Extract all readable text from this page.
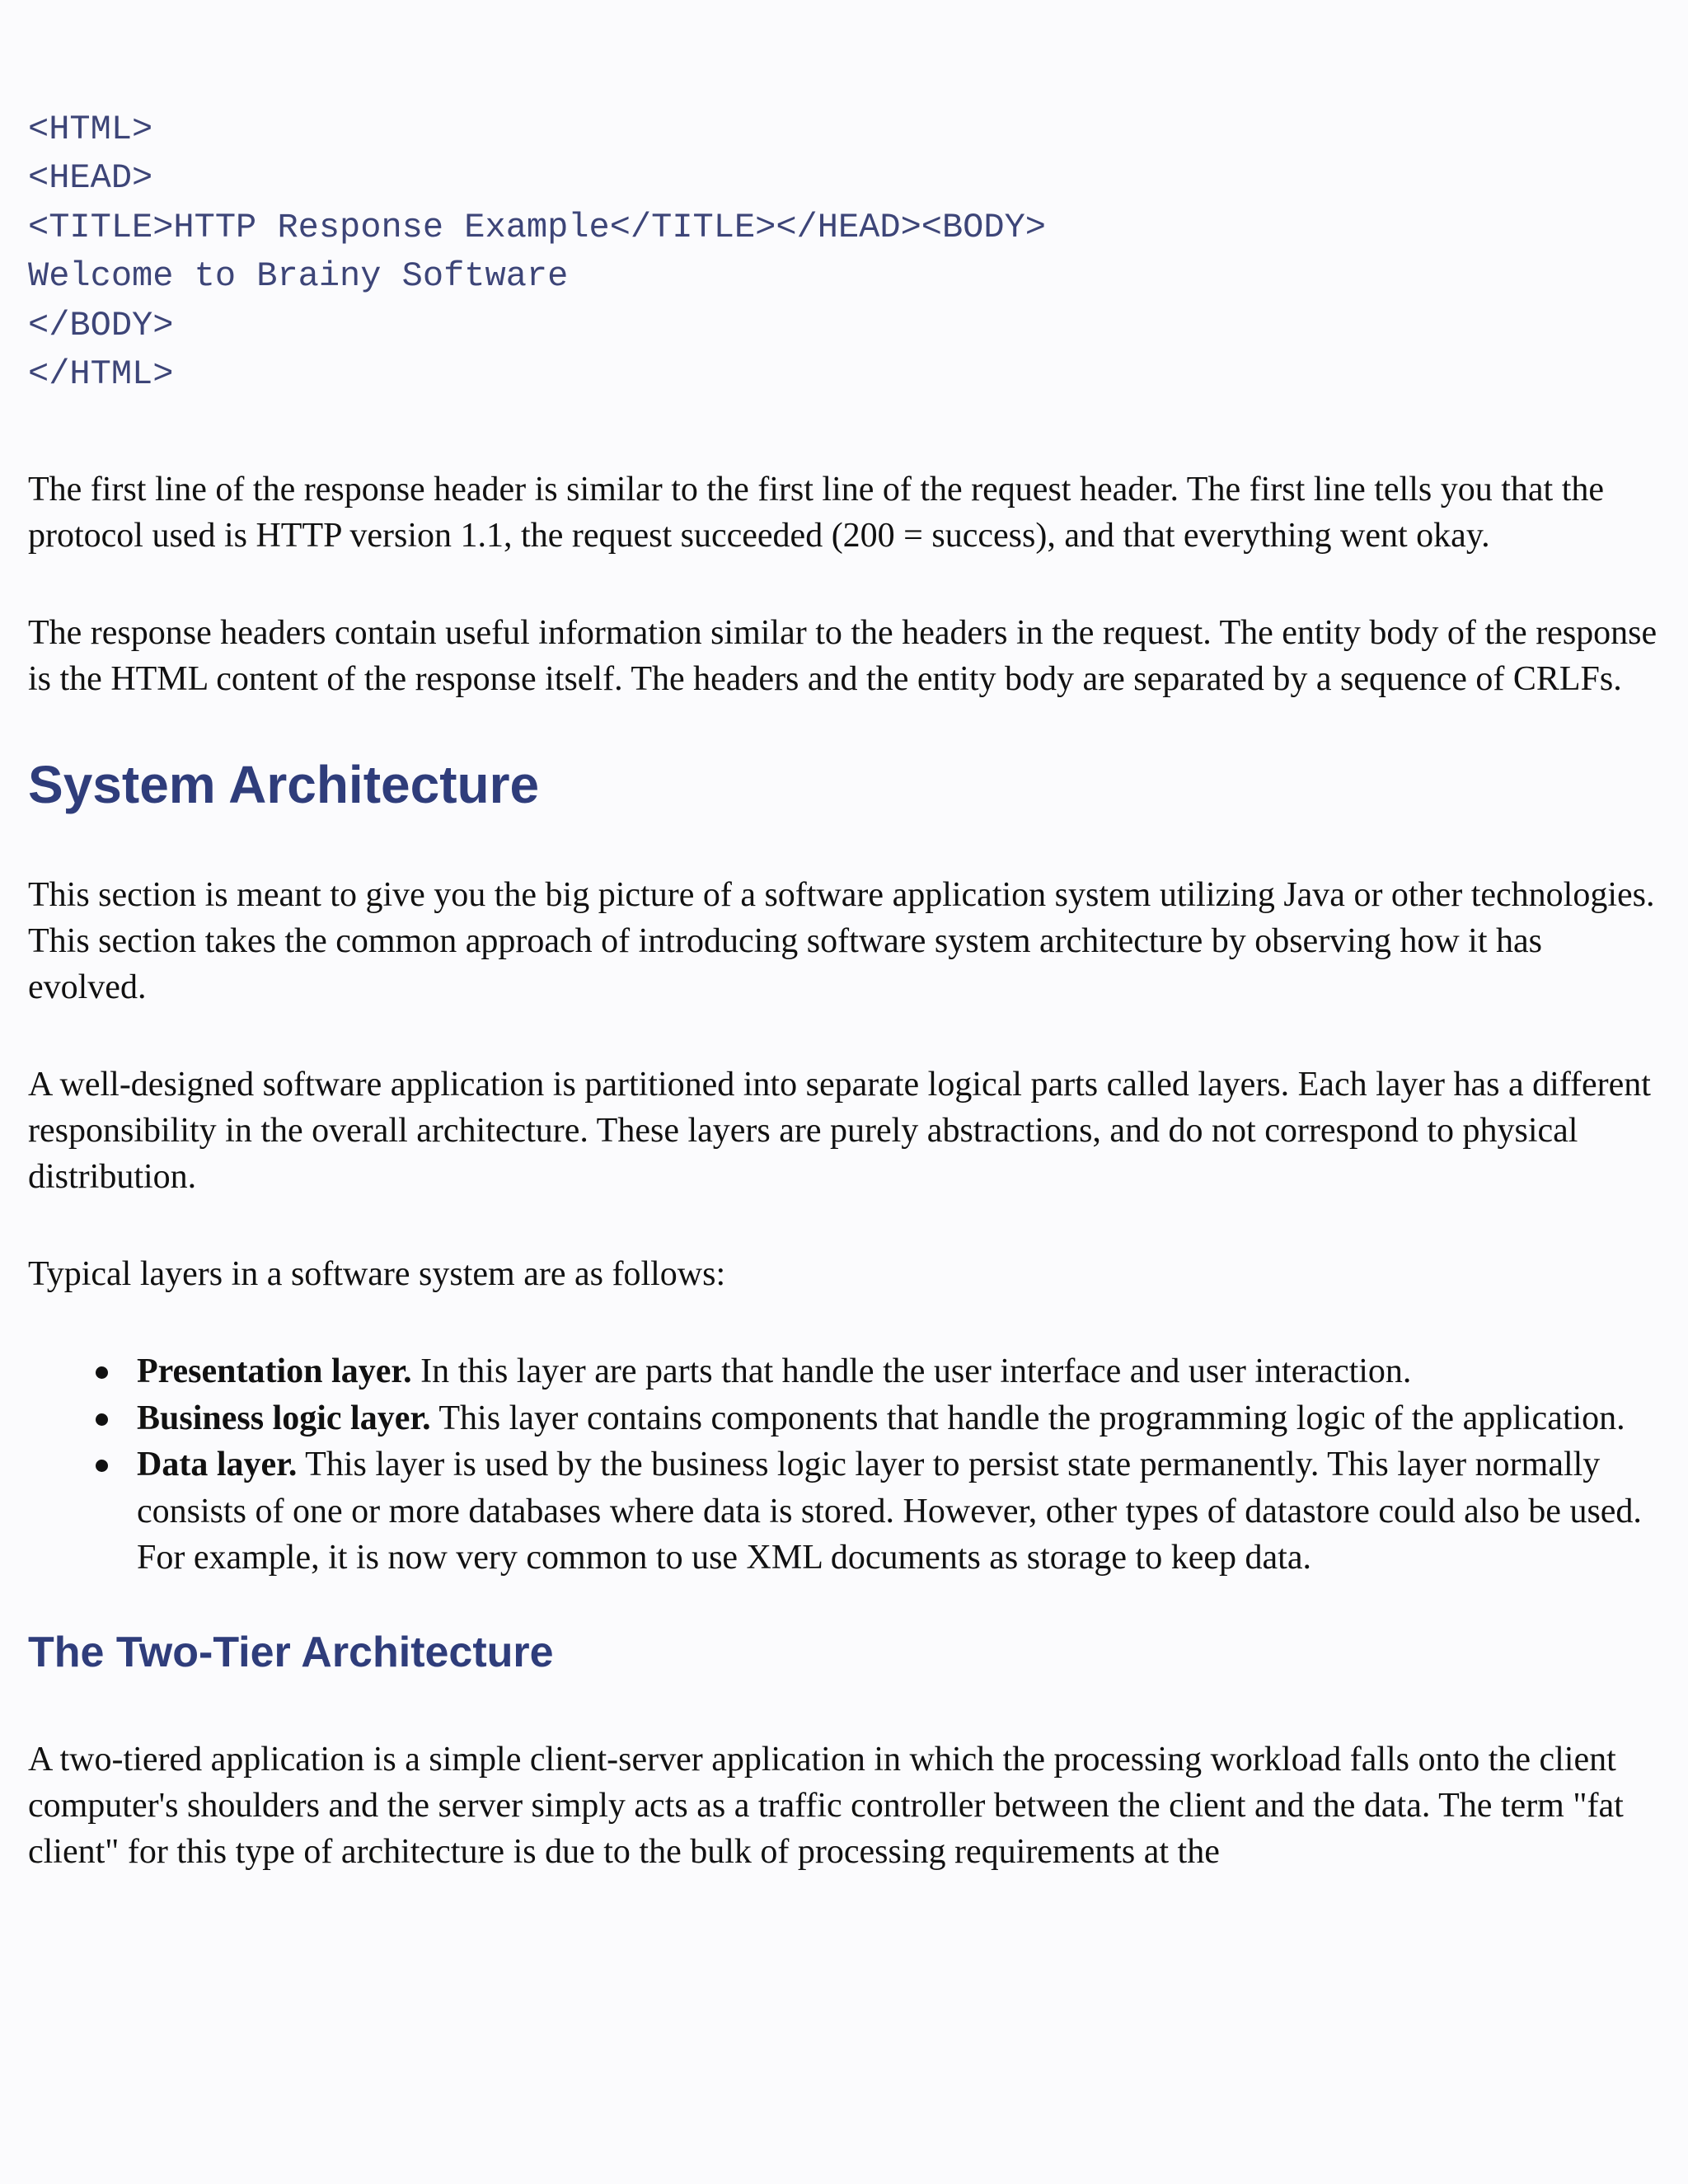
<HTML>
<HEAD>
<TITLE>HTTP Response Example</TITLE></HEAD><BODY>
Welcome to Brainy Software
</BODY>
</HTML>

The first line of the response header is similar to the first line of the request header. The first line tells you that the protocol used is HTTP version 1.1, the request succeeded (200 = success), and that everything went okay.

The response headers contain useful information similar to the headers in the request. The entity body of the response is the HTML content of the response itself. The headers and the entity body are separated by a sequence of CRLFs.

System Architecture

This section is meant to give you the big picture of a software application system utilizing Java or other technologies. This section takes the common approach of introducing software system architecture by observing how it has evolved.

A well-designed software application is partitioned into separate logical parts called layers. Each layer has a different responsibility in the overall architecture. These layers are purely abstractions, and do not correspond to physical distribution.

Typical layers in a software system are as follows:

Presentation layer. In this layer are parts that handle the user interface and user interaction.
Business logic layer. This layer contains components that handle the programming logic of the application.
Data layer. This layer is used by the business logic layer to persist state permanently. This layer normally consists of one or more databases where data is stored. However, other types of datastore could also be used. For example, it is now very common to use XML documents as storage to keep data.
The Two-Tier Architecture

A two-tiered application is a simple client-server application in which the processing workload falls onto the client computer's shoulders and the server simply acts as a traffic controller between the client and the data. The term "fat client" for this type of architecture is due to the bulk of processing requirements at the
